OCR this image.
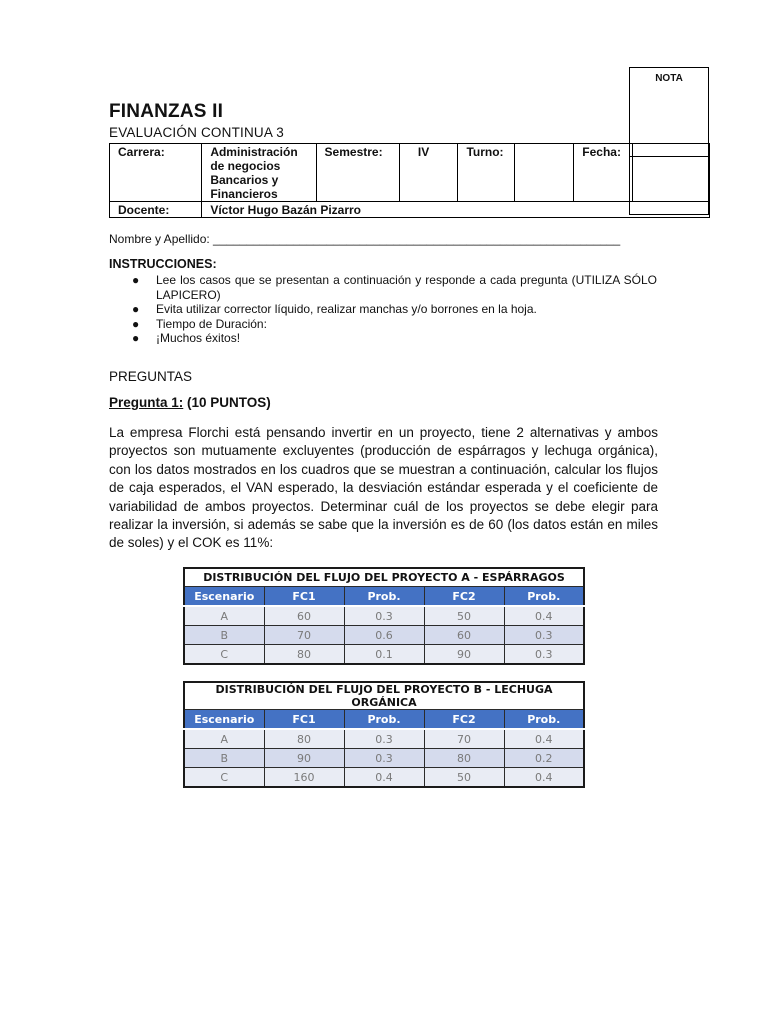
NOTA
FINANZAS II
EVALUACIÓN CONTINUA 3
Carrera:	Administración
de negocios
Bancarios y
Financieros	Semestre:	IV	Turno:		Fecha:	
Docente:	Víctor Hugo Bazán Pizarro						
Nombre y Apellido: _____________________________________________________________
INSTRUCCIONES:
● Lee los casos que se presentan a continuación y responde a cada pregunta (UTILIZA SÓLO LAPICERO)
● Evita utilizar corrector líquido, realizar manchas y/o borrones en la hoja.
● Tiempo de Duración:
● ¡Muchos éxitos!
PREGUNTAS
Pregunta 1: (10 PUNTOS)
La empresa Florchi está pensando invertir en un proyecto, tiene 2 alternativas y ambos proyectos son mutuamente excluyentes (producción de espárragos y lechuga orgánica), con los datos mostrados en los cuadros que se muestran a continuación, calcular los flujos de caja esperados, el VAN esperado, la desviación estándar esperada y el coeficiente de variabilidad de ambos proyectos. Determinar cuál de los proyectos se debe elegir para realizar la inversión, si además se sabe que la inversión es de 60 (los datos están en miles de soles) y el COK es 11%:
DISTRIBUCIÓN DEL FLUJO DEL PROYECTO A - ESPÁRRAGOS				
Escenario	FC1	Prob.	FC2	Prob.
A	60	0.3	50	0.4
B	70	0.6	60	0.3
C	80	0.1	90	0.3
DISTRIBUCIÓN DEL FLUJO DEL PROYECTO B - LECHUGA ORGÁNICA				
Escenario	FC1	Prob.	FC2	Prob.
A	80	0.3	70	0.4
B	90	0.3	80	0.2
C	160	0.4	50	0.4
